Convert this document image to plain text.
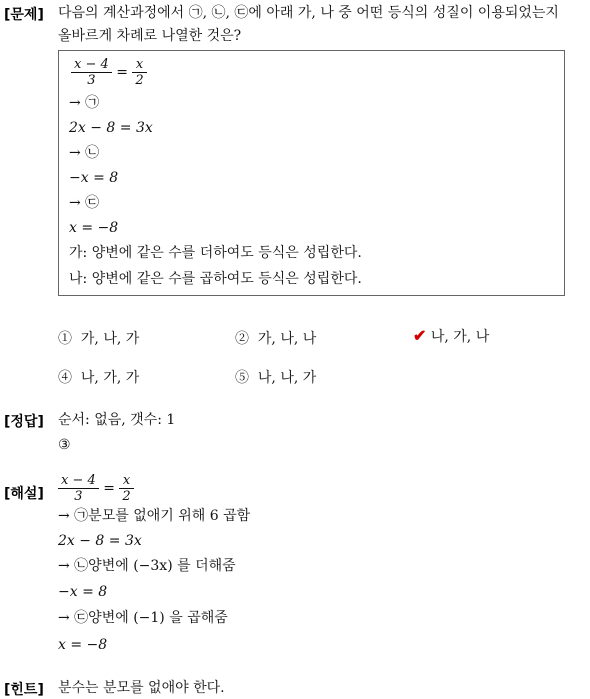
[문제] 다음의 계산과정에서 ㉠, ㉡, ㉢에 아래 가, 나 중 어떤 등식의 성질이 이용되었는지
올바르게 차례로 나열한 것은?
$\frac{x - 4}{3} = \frac{x}{2}$
→ ㉠
2x − 8 = 3x
→ ㉡
−x = 8
→ ㉢
x = −8
가: 양변에 같은 수를 더하여도 등식은 성립한다.
나: 양변에 같은 수를 곱하여도 등식은 성립한다.
① 가, 나, 가	② 가, 나, 나	✔ 나, 가, 나
④ 나, 가, 가	⑤ 나, 나, 가
[정답] 순서: 없음, 갯수: 1
③
[해설] $\frac{x - 4}{3} = \frac{x}{2}$
→ ㉠분모를 없애기 위해 6 곱함
2x − 8 = 3x
→ ㉡양변에 (−3x) 를 더해줌
−x = 8
→ ㉢양변에 (−1) 을 곱해줌
x = −8
[힌트] 분수는 분모를 없애야 한다.
